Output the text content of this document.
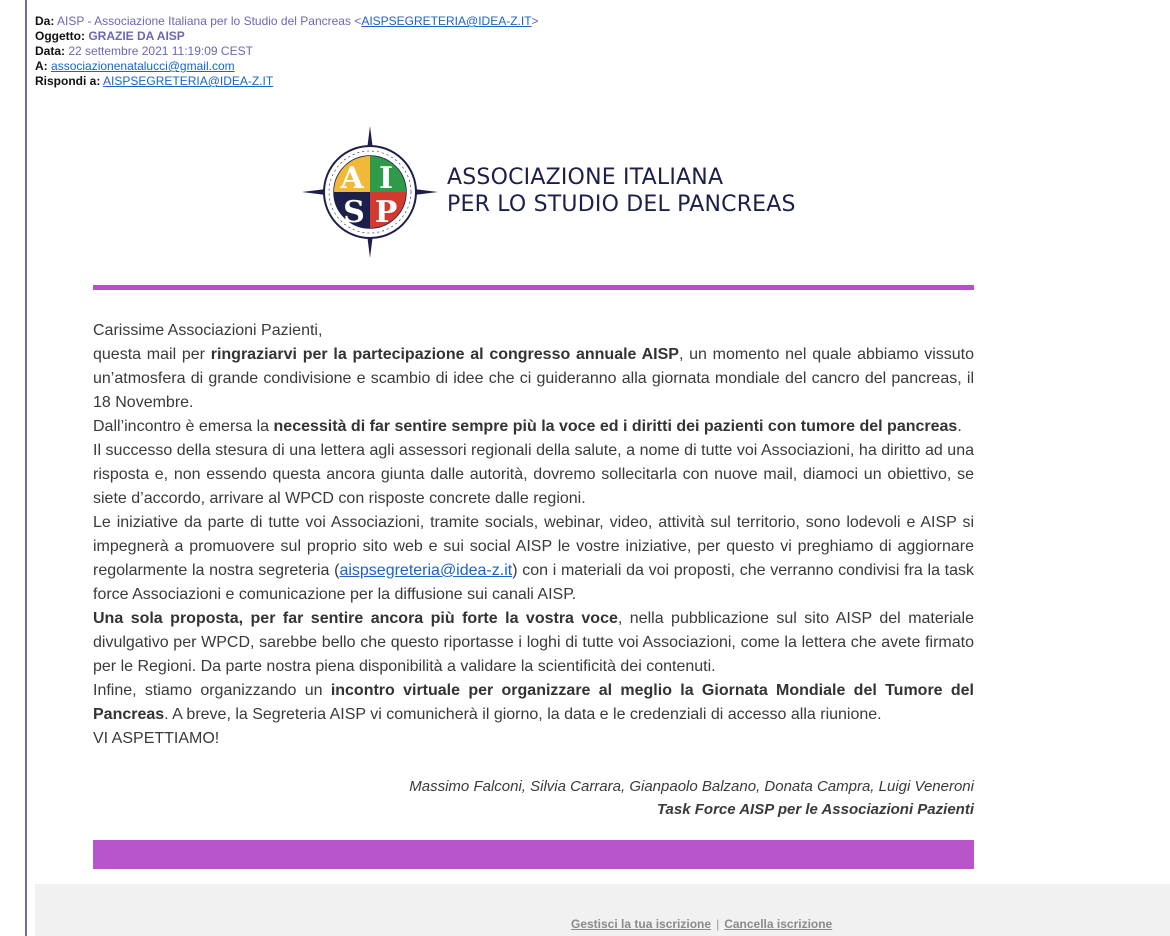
Da: AISP - Associazione Italiana per lo Studio del Pancreas <AISPSEGRETERIA@IDEA-Z.IT>
Oggetto: GRAZIE DA AISP
Data: 22 settembre 2021 11:19:09 CEST
A: associazionenatalucci@gmail.com
Rispondi a: AISPSEGRETERIA@IDEA-Z.IT
A I
S P
ASSOCIAZIONE ITALIANA
PER LO STUDIO DEL PANCREAS

Carissime Associazioni Pazienti,

questa mail per ringraziarvi per la partecipazione al congresso annuale AISP, un momento nel quale abbiamo vissuto un’atmosfera di grande condivisione e scambio di idee che ci guideranno alla giornata mondiale del cancro del pancreas, il 18 Novembre.

Dall’incontro è emersa la necessità di far sentire sempre più la voce ed i diritti dei pazienti con tumore del pancreas.

Il successo della stesura di una lettera agli assessori regionali della salute, a nome di tutte voi Associazioni, ha diritto ad una risposta e, non essendo questa ancora giunta dalle autorità, dovremo sollecitarla con nuove mail, diamoci un obiettivo, se siete d’accordo, arrivare al WPCD con risposte concrete dalle regioni.

Le iniziative da parte di tutte voi Associazioni, tramite socials, webinar, video, attività sul territorio, sono lodevoli e AISP si impegnerà a promuovere sul proprio sito web e sui social AISP le vostre iniziative, per questo vi preghiamo di aggiornare regolarmente la nostra segreteria (aispsegreteria@idea-z.it) con i materiali da voi proposti, che verranno condivisi fra la task force Associazioni e comunicazione per la diffusione sui canali AISP.

Una sola proposta, per far sentire ancora più forte la vostra voce, nella pubblicazione sul sito AISP del materiale divulgativo per WPCD, sarebbe bello che questo riportasse i loghi di tutte voi Associazioni, come la lettera che avete firmato per le Regioni. Da parte nostra piena disponibilità a validare la scientificità dei contenuti.

Infine, stiamo organizzando un incontro virtuale per organizzare al meglio la Giornata Mondiale del Tumore del Pancreas. A breve, la Segreteria AISP vi comunicherà il giorno, la data e le credenziali di accesso alla riunione.

VI ASPETTIAMO!

Massimo Falconi, Silvia Carrara, Gianpaolo Balzano, Donata Campra, Luigi Veneroni
Task Force AISP per le Associazioni Pazienti
Gestisci la tua iscrizione | Cancella iscrizione
